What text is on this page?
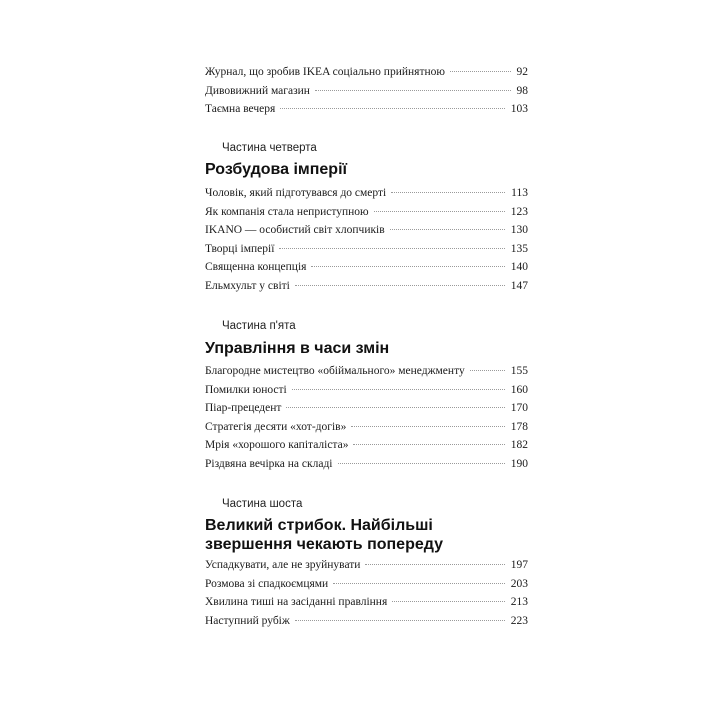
Журнал, що зробив IKEA соціально прийнятною	92
Дивовижний магазин	98
Таємна вечеря	103
Частина четверта
Розбудова імперії
Чоловік, який підготувався до смерті	113
Як компанія стала неприступною	123
IKANO — особистий світ хлопчиків	130
Творці імперії	135
Священна концепція	140
Ельмхульт у світі	147
Частина п'ята
Управління в часи змін
Благородне мистецтво «обіймального» менеджменту	155
Помилки юності	160
Піар-прецедент	170
Стратегія десяти «хот-догів»	178
Мрія «хорошого капіталіста»	182
Різдвяна вечірка на складі	190
Частина шоста
Великий стрибок. Найбільші
звершення чекають попереду
Успадкувати, але не зруйнувати	197
Розмова зі спадкоємцями	203
Хвилина тиші на засіданні правління	213
Наступний рубіж	223
